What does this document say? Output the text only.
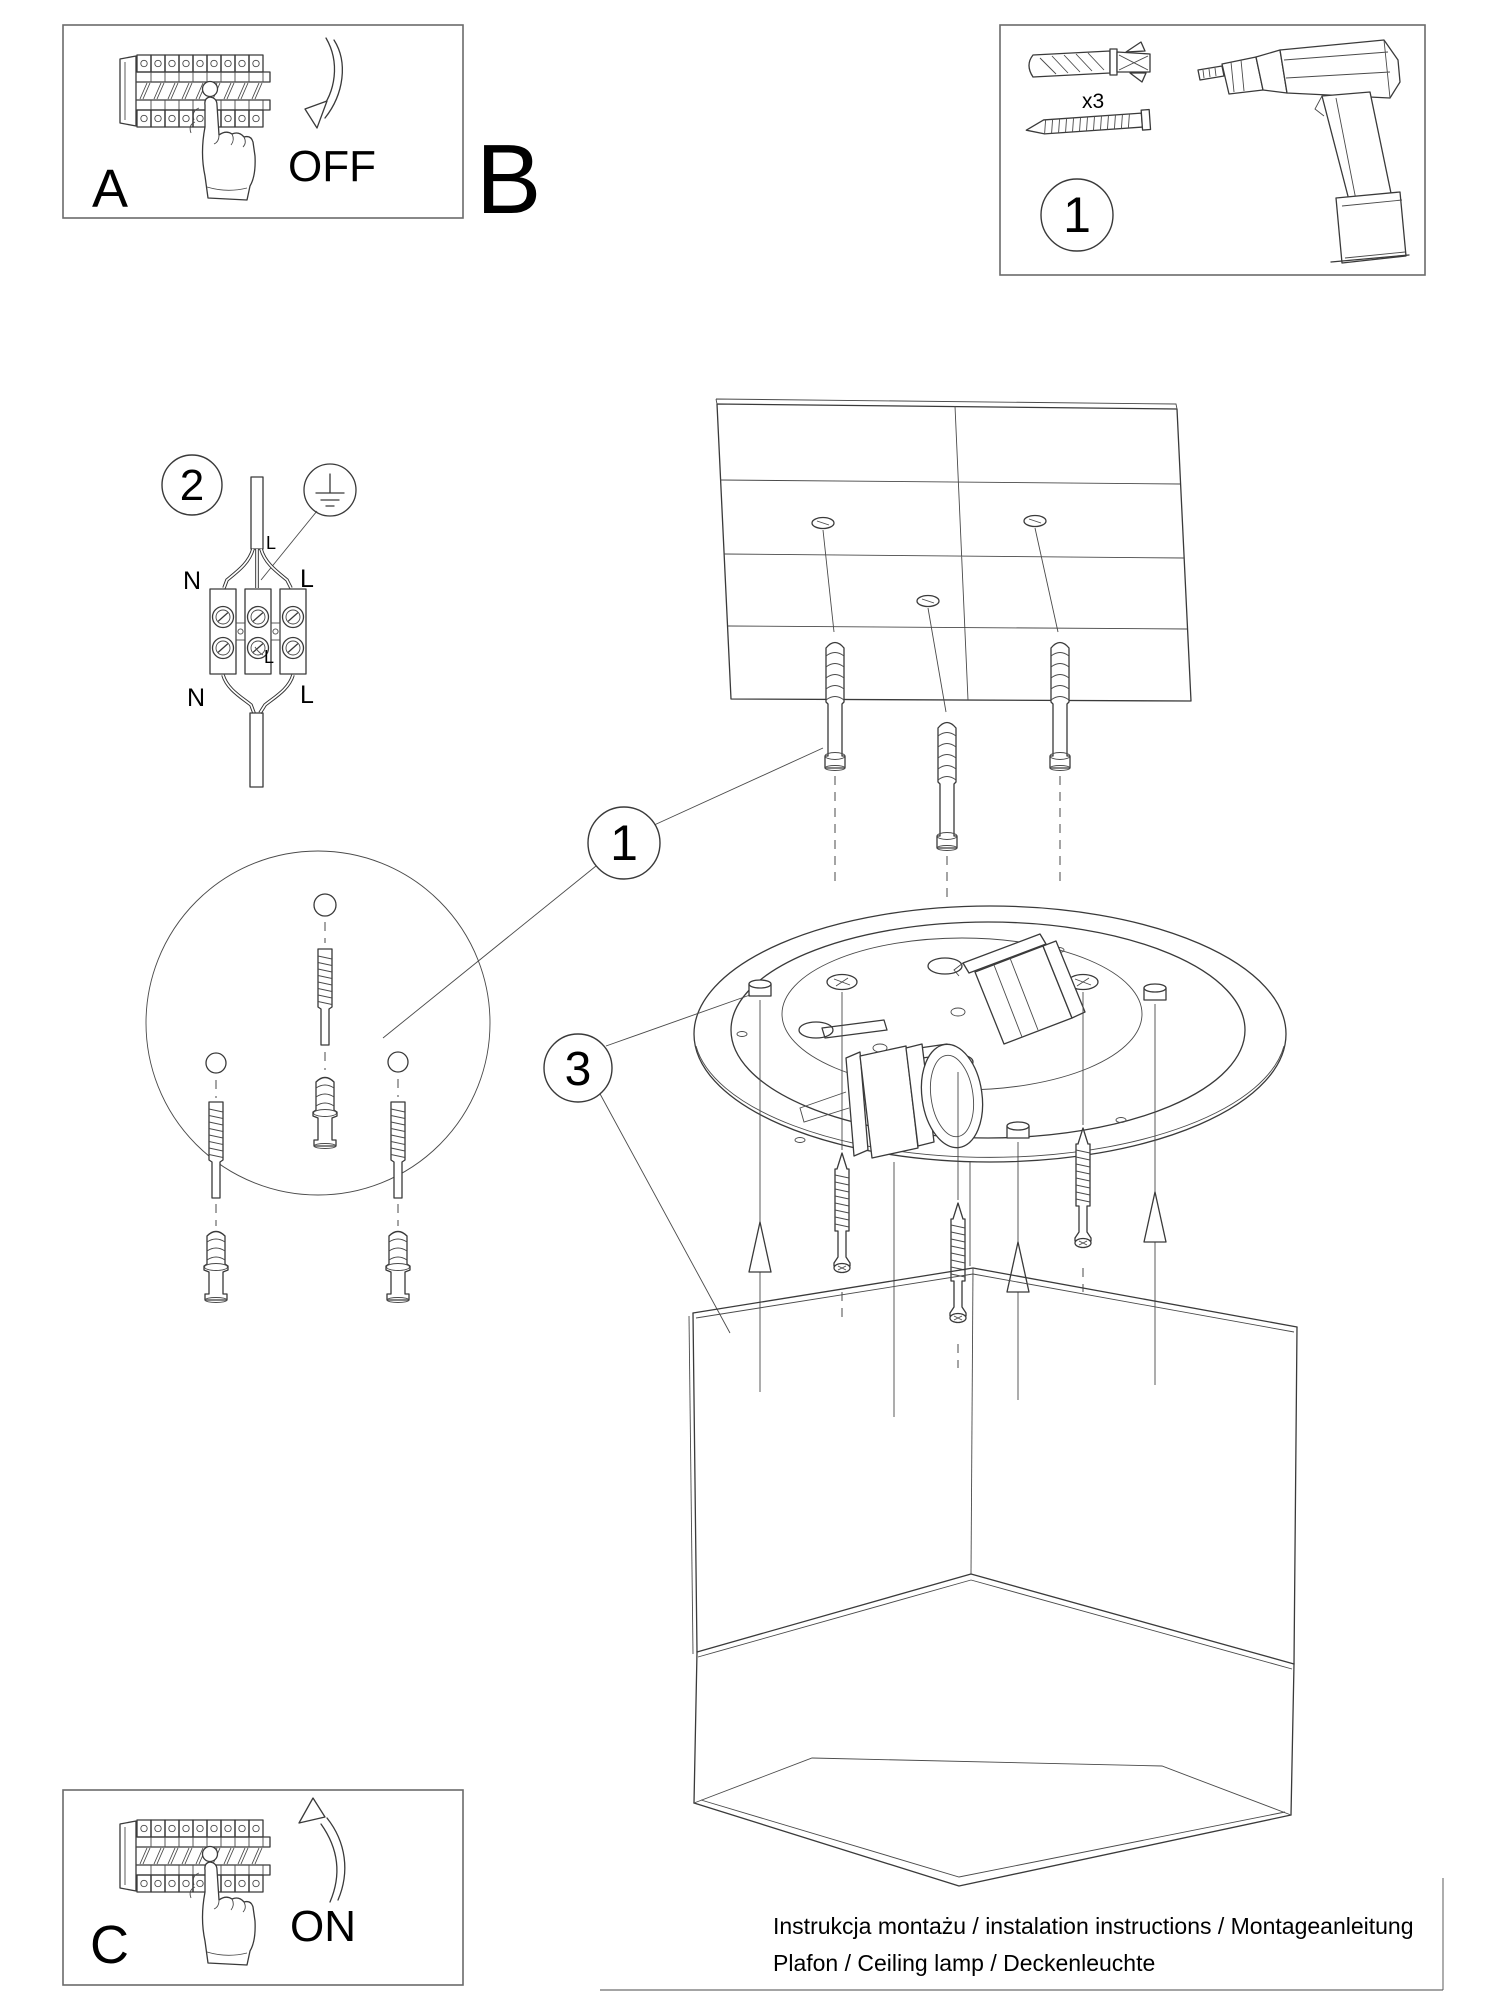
OFF
A	B
x3
1
2
N	L
L
L
N	L
1
3
ON
C	Instrukcja montażu / instalation instructions / Montageanleitung
Plafon / Ceiling lamp / Deckenleuchte
